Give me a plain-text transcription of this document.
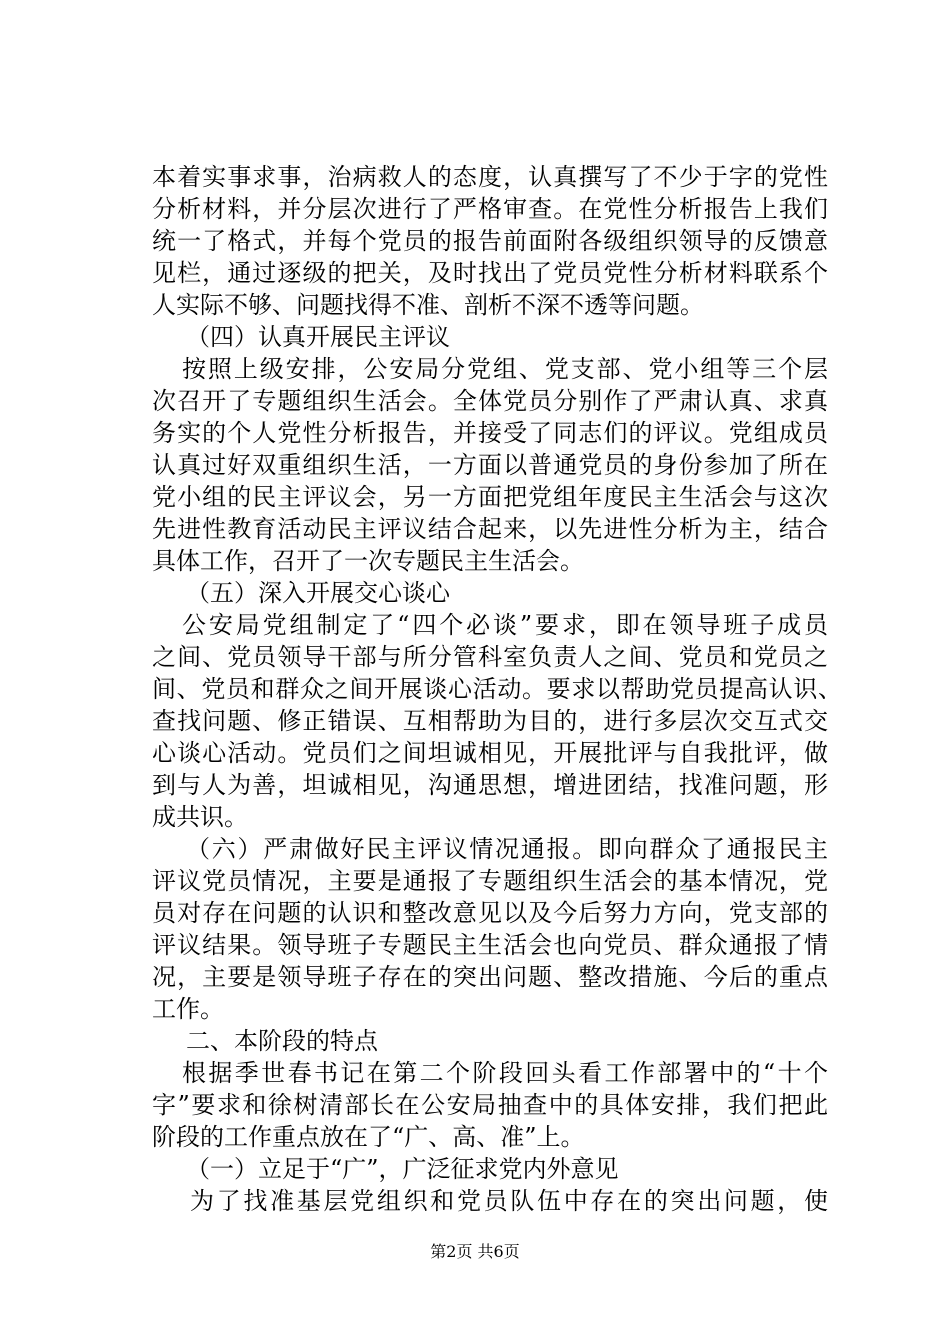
本着实事求事，治病救人的态度，认真撰写了不少于字的党性
分析材料，并分层次进行了严格审查。在党性分析报告上我们
统一了格式，并每个党员的报告前面附各级组织领导的反馈意
见栏，通过逐级的把关，及时找出了党员党性分析材料联系个
人实际不够、问题找得不准、剖析不深不透等问题。
（四）认真开展民主评议
按照上级安排，公安局分党组、党支部、党小组等三个层
次召开了专题组织生活会。全体党员分别作了严肃认真、求真
务实的个人党性分析报告，并接受了同志们的评议。党组成员
认真过好双重组织生活，一方面以普通党员的身份参加了所在
党小组的民主评议会，另一方面把党组年度民主生活会与这次
先进性教育活动民主评议结合起来，以先进性分析为主，结合
具体工作，召开了一次专题民主生活会。
（五）深入开展交心谈心
公安局党组制定了“四个必谈”要求，即在领导班子成员
之间、党员领导干部与所分管科室负责人之间、党员和党员之
间、党员和群众之间开展谈心活动。要求以帮助党员提高认识、
查找问题、修正错误、互相帮助为目的，进行多层次交互式交
心谈心活动。党员们之间坦诚相见，开展批评与自我批评，做
到与人为善，坦诚相见，沟通思想，增进团结，找准问题，形
成共识。
（六）严肃做好民主评议情况通报。即向群众了通报民主
评议党员情况，主要是通报了专题组织生活会的基本情况，党
员对存在问题的认识和整改意见以及今后努力方向，党支部的
评议结果。领导班子专题民主生活会也向党员、群众通报了情
况，主要是领导班子存在的突出问题、整改措施、今后的重点
工作。
二、本阶段的特点
根据季世春书记在第二个阶段回头看工作部署中的“十个
字”要求和徐树清部长在公安局抽查中的具体安排，我们把此
阶段的工作重点放在了“广、高、准”上。
（一）立足于“广”，广泛征求党内外意见
为了找准基层党组织和党员队伍中存在的突出问题，使
第2页 共6页
